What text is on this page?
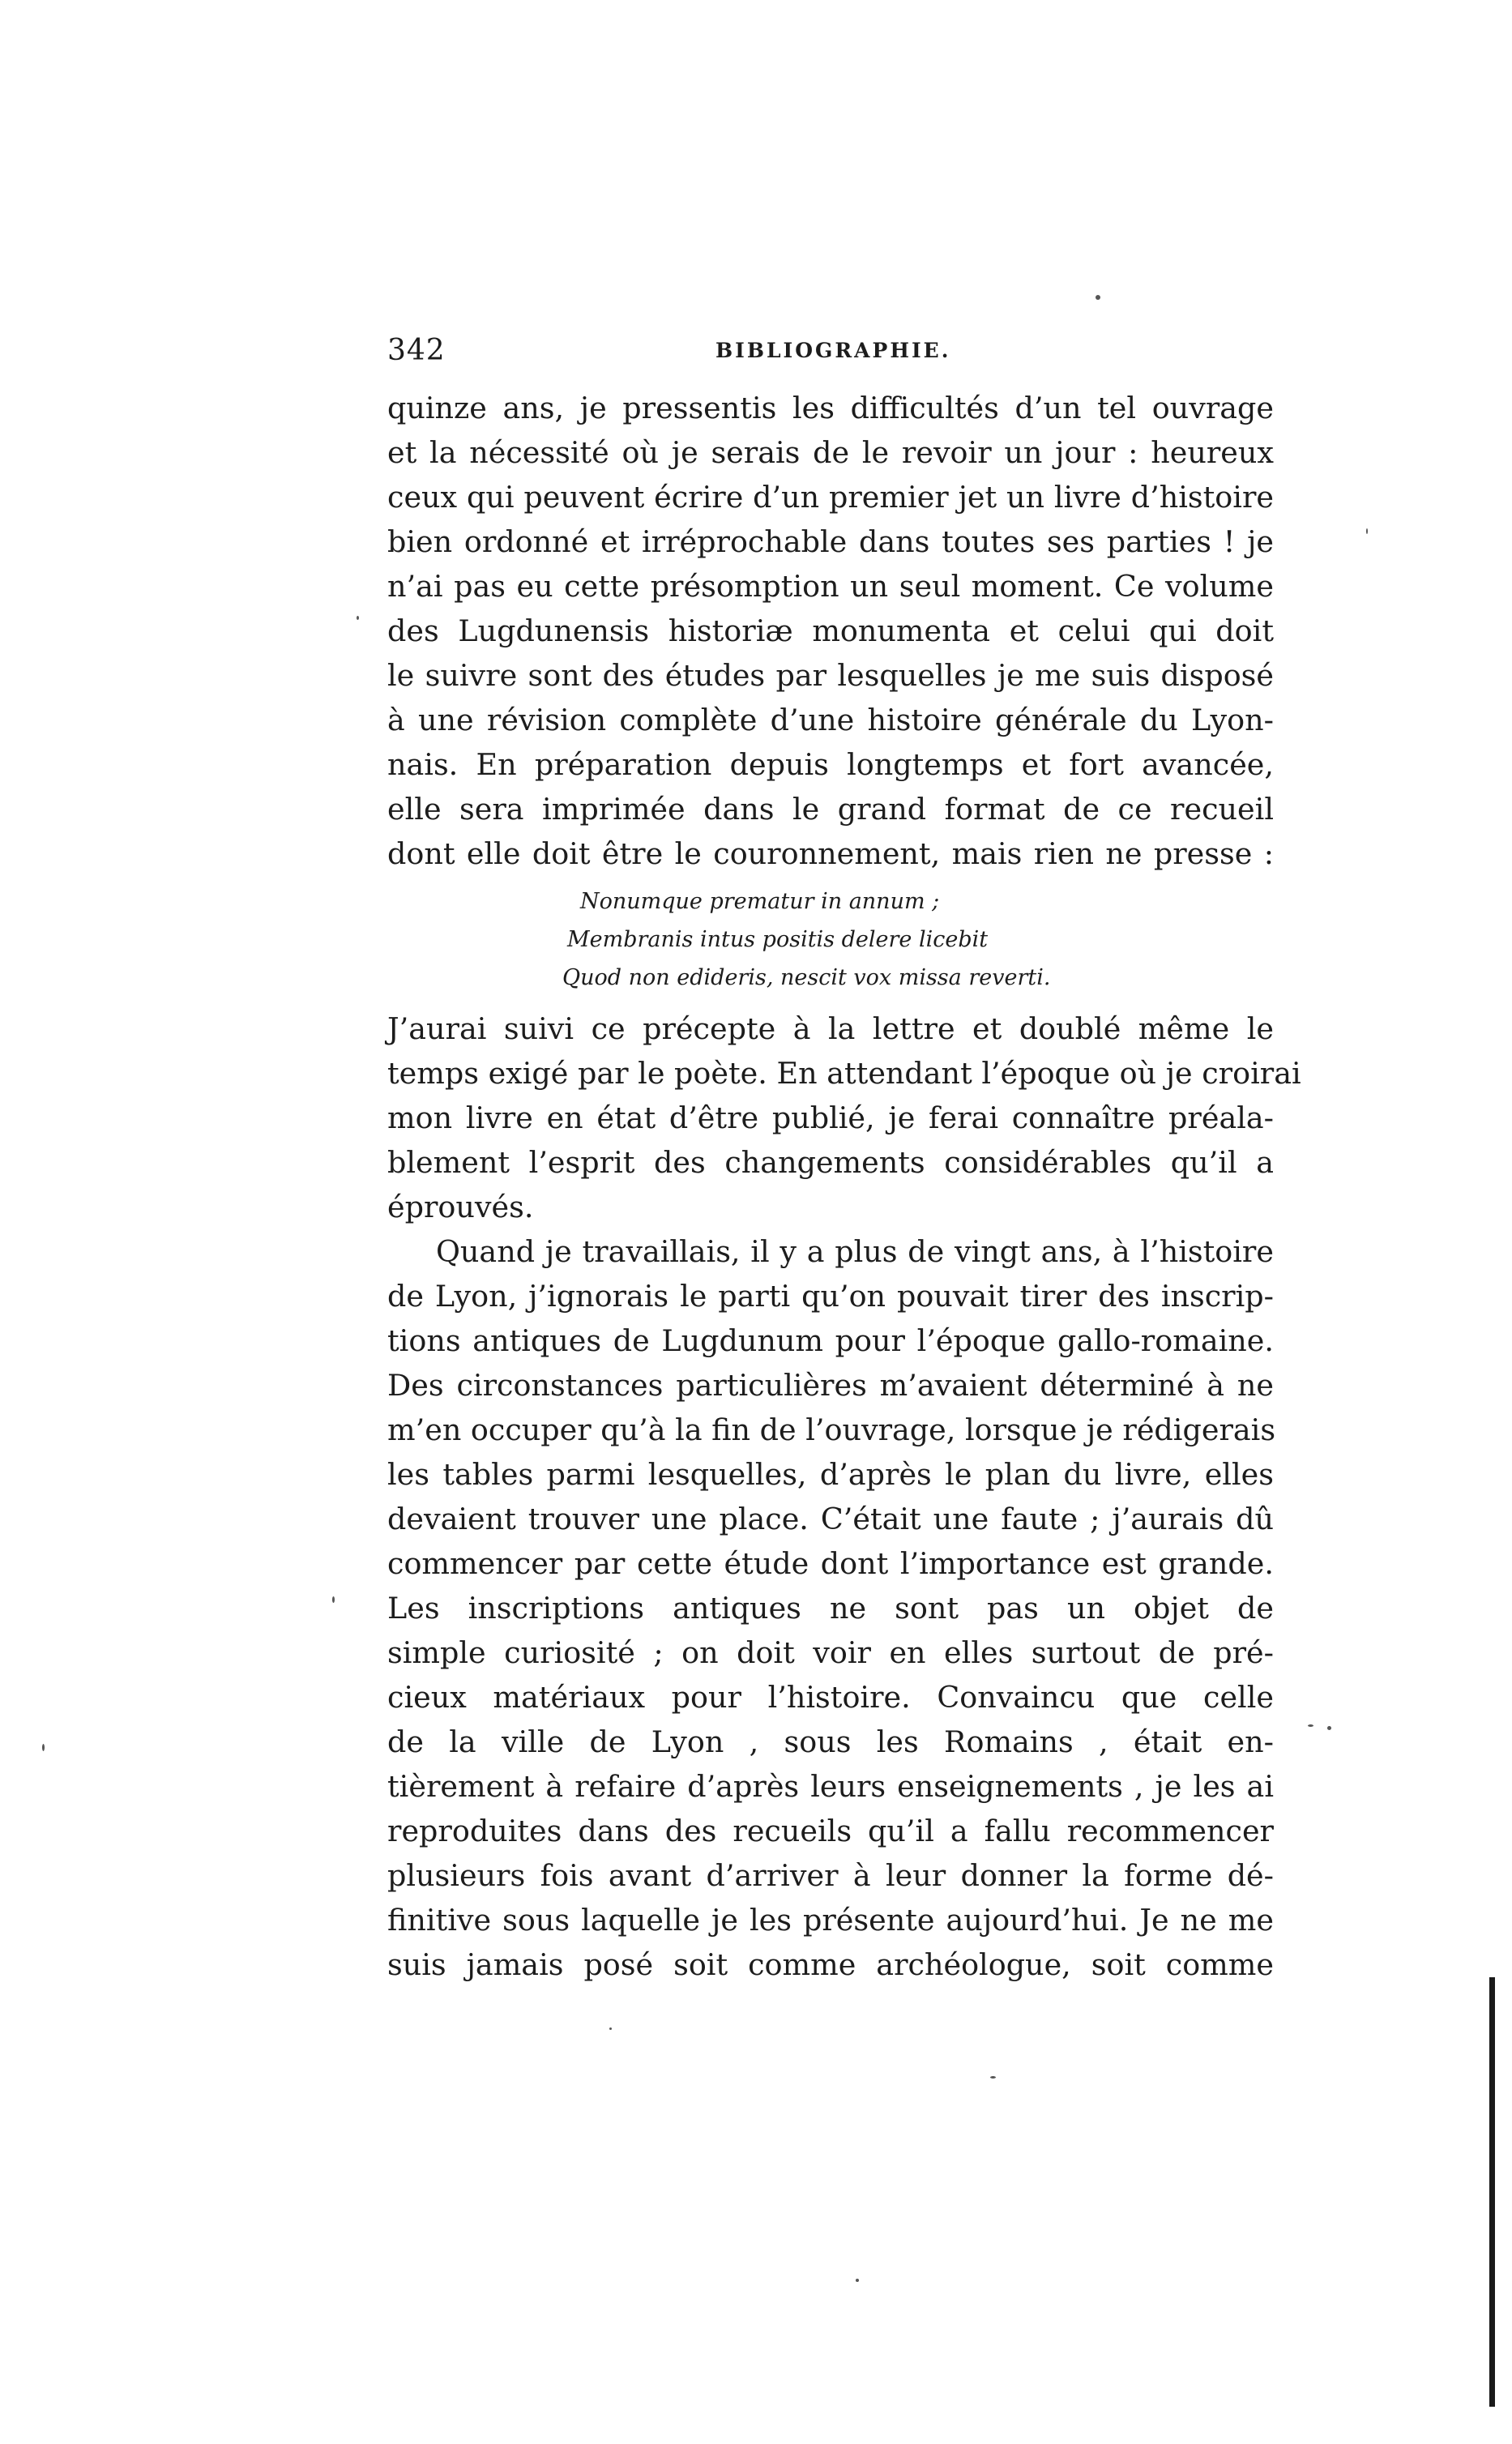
342	BIBLIOGRAPHIE.
quinze ans, je pressentis les difficultés d’un tel ouvrage
et la nécessité où je serais de le revoir un jour : heureux
ceux qui peuvent écrire d’un premier jet un livre d’histoire
bien ordonné et irréprochable dans toutes ses parties ! je
n’ai pas eu cette présomption un seul moment. Ce volume
des Lugdunensis historiæ monumenta et celui qui doit
le suivre sont des études par lesquelles je me suis disposé
à une révision complète d’une histoire générale du Lyon-
nais. En préparation depuis longtemps et fort avancée,
elle sera imprimée dans le grand format de ce recueil
dont elle doit être le couronnement, mais rien ne presse :
Nonumque prematur in annum ;
Membranis intus positis delere licebit
Quod non edideris, nescit vox missa reverti.
J’aurai suivi ce précepte à la lettre et doublé même le
temps exigé par le poète. En attendant l’époque où je croirai
mon livre en état d’être publié, je ferai connaître préala-
blement l’esprit des changements considérables qu’il a
éprouvés.
Quand je travaillais, il y a plus de vingt ans, à l’histoire
de Lyon, j’ignorais le parti qu’on pouvait tirer des inscrip-
tions antiques de Lugdunum pour l’époque gallo-romaine.
Des circonstances particulières m’avaient déterminé à ne
m’en occuper qu’à la fin de l’ouvrage, lorsque je rédigerais
les tables parmi lesquelles, d’après le plan du livre, elles
devaient trouver une place. C’était une faute ; j’aurais dû
commencer par cette étude dont l’importance est grande.
Les inscriptions antiques ne sont pas un objet de
simple curiosité ; on doit voir en elles surtout de pré-
cieux matériaux pour l’histoire. Convaincu que celle
de la ville de Lyon , sous les Romains , était en-
tièrement à refaire d’après leurs enseignements , je les ai
reproduites dans des recueils qu’il a fallu recommencer
plusieurs fois avant d’arriver à leur donner la forme dé-
finitive sous laquelle je les présente aujourd’hui. Je ne me
suis jamais posé soit comme archéologue, soit comme
